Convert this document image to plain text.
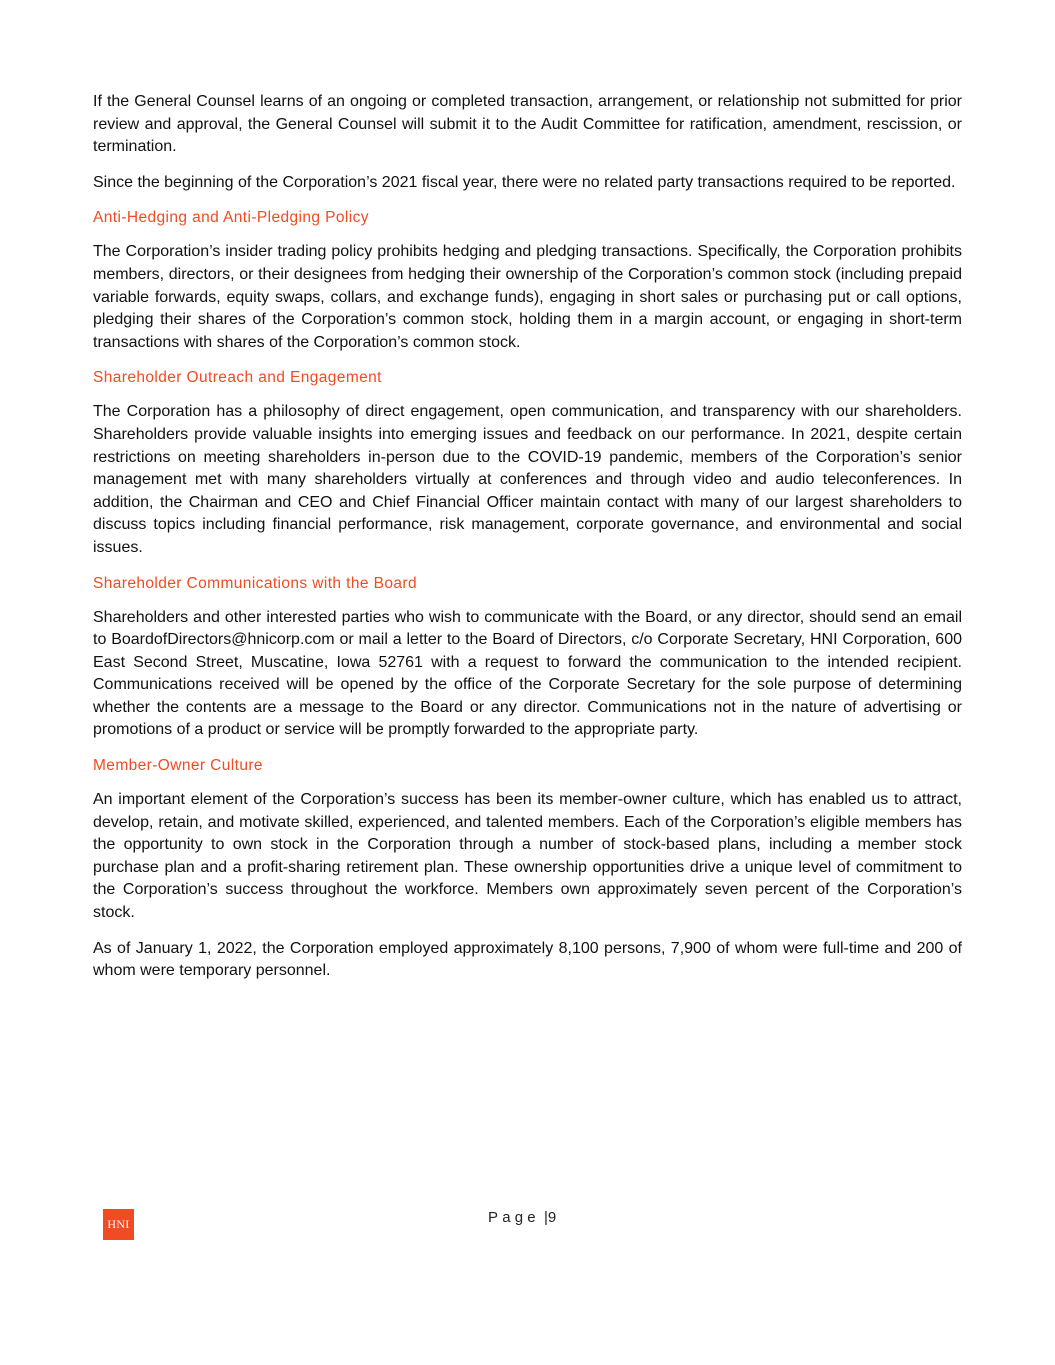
If the General Counsel learns of an ongoing or completed transaction, arrangement, or relationship not submitted for prior review and approval, the General Counsel will submit it to the Audit Committee for ratification, amendment, rescission, or termination.

Since the beginning of the Corporation’s 2021 fiscal year, there were no related party transactions required to be reported.

Anti-Hedging and Anti-Pledging Policy

The Corporation’s insider trading policy prohibits hedging and pledging transactions. Specifically, the Corporation prohibits members, directors, or their designees from hedging their ownership of the Corporation’s common stock (including prepaid variable forwards, equity swaps, collars, and exchange funds), engaging in short sales or purchasing put or call options, pledging their shares of the Corporation’s common stock, holding them in a margin account, or engaging in short-term transactions with shares of the Corporation’s common stock.

Shareholder Outreach and Engagement

The Corporation has a philosophy of direct engagement, open communication, and transparency with our shareholders. Shareholders provide valuable insights into emerging issues and feedback on our performance. In 2021, despite certain restrictions on meeting shareholders in-person due to the COVID-19 pandemic, members of the Corporation’s senior management met with many shareholders virtually at conferences and through video and audio teleconferences. In addition, the Chairman and CEO and Chief Financial Officer maintain contact with many of our largest shareholders to discuss topics including financial performance, risk management, corporate governance, and environmental and social issues.

Shareholder Communications with the Board

Shareholders and other interested parties who wish to communicate with the Board, or any director, should send an email to BoardofDirectors@hnicorp.com or mail a letter to the Board of Directors, c/o Corporate Secretary, HNI Corporation, 600 East Second Street, Muscatine, Iowa 52761 with a request to forward the communication to the intended recipient. Communications received will be opened by the office of the Corporate Secretary for the sole purpose of determining whether the contents are a message to the Board or any director. Communications not in the nature of advertising or promotions of a product or service will be promptly forwarded to the appropriate party.

Member-Owner Culture

An important element of the Corporation’s success has been its member-owner culture, which has enabled us to attract, develop, retain, and motivate skilled, experienced, and talented members. Each of the Corporation’s eligible members has the opportunity to own stock in the Corporation through a number of stock-based plans, including a member stock purchase plan and a profit-sharing retirement plan. These ownership opportunities drive a unique level of commitment to the Corporation’s success throughout the workforce. Members own approximately seven percent of the Corporation’s stock.

As of January 1, 2022, the Corporation employed approximately 8,100 persons, 7,900 of whom were full-time and 200 of whom were temporary personnel.

HNI	Page |9
